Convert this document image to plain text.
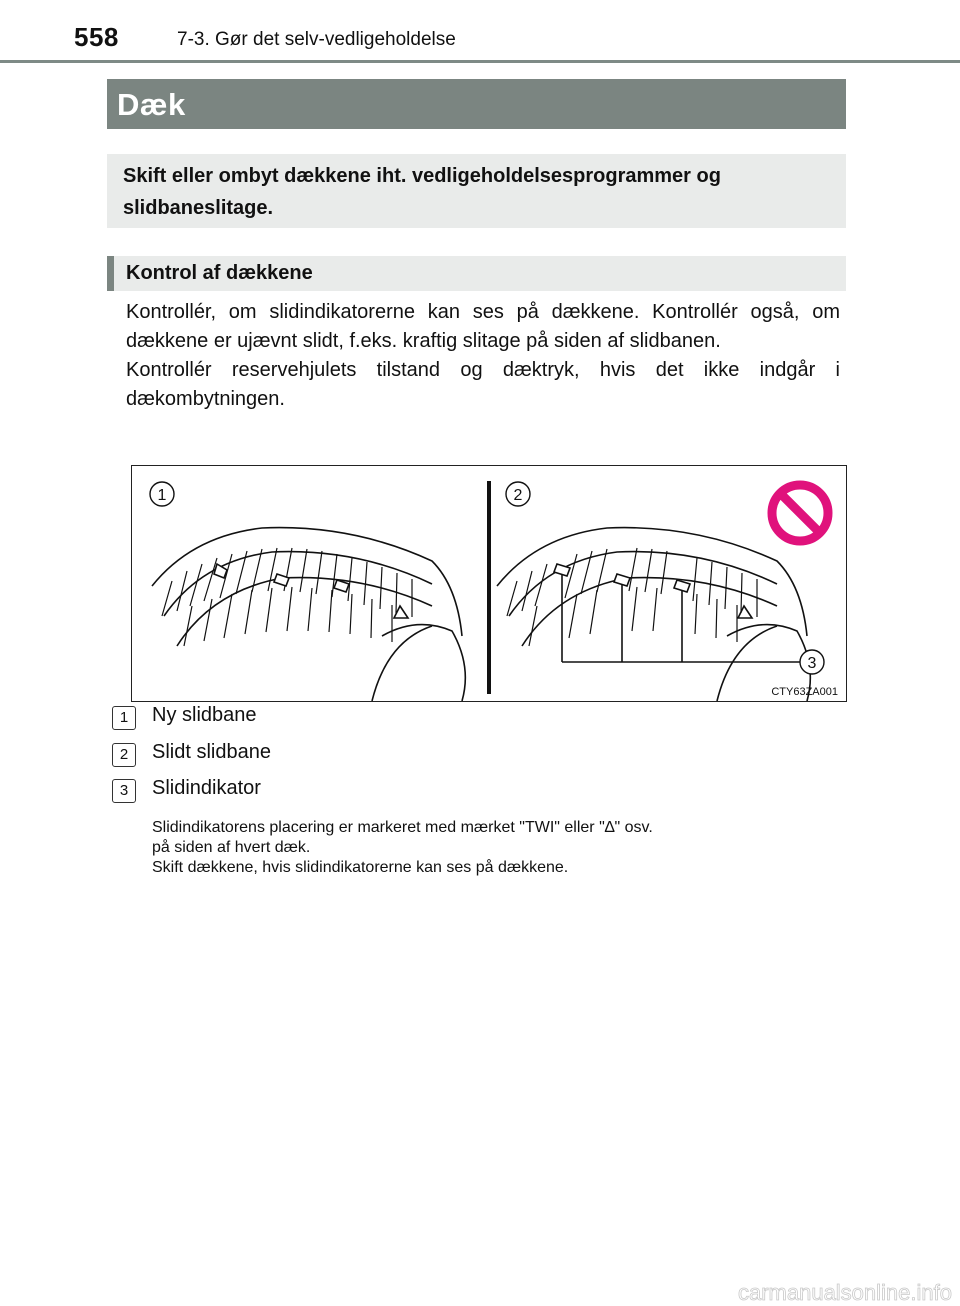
558	7-3. Gør det selv-vedligeholdelse
Dæk
Skift eller ombyt dækkene iht. vedligeholdelsesprogrammer og slidbaneslitage.
Kontrol af dækkene

Kontrollér, om slidindikatorerne kan ses på dækkene. Kontrollér også, om dækkene er ujævnt slidt, f.eks. kraftig slitage på siden af slidbanen.

Kontrollér reservehjulets tilstand og dæktryk, hvis det ikke indgår i dækombytningen.

1	2
3
CTY63ZA001
1 Ny slidbane
2 Slidt slidbane
3 Slidindikator

Slidindikatorens placering er markeret med mærket "TWI" eller "∆" osv.

på siden af hvert dæk.

Skift dækkene, hvis slidindikatorerne kan ses på dækkene.

carmanualsonline.info
